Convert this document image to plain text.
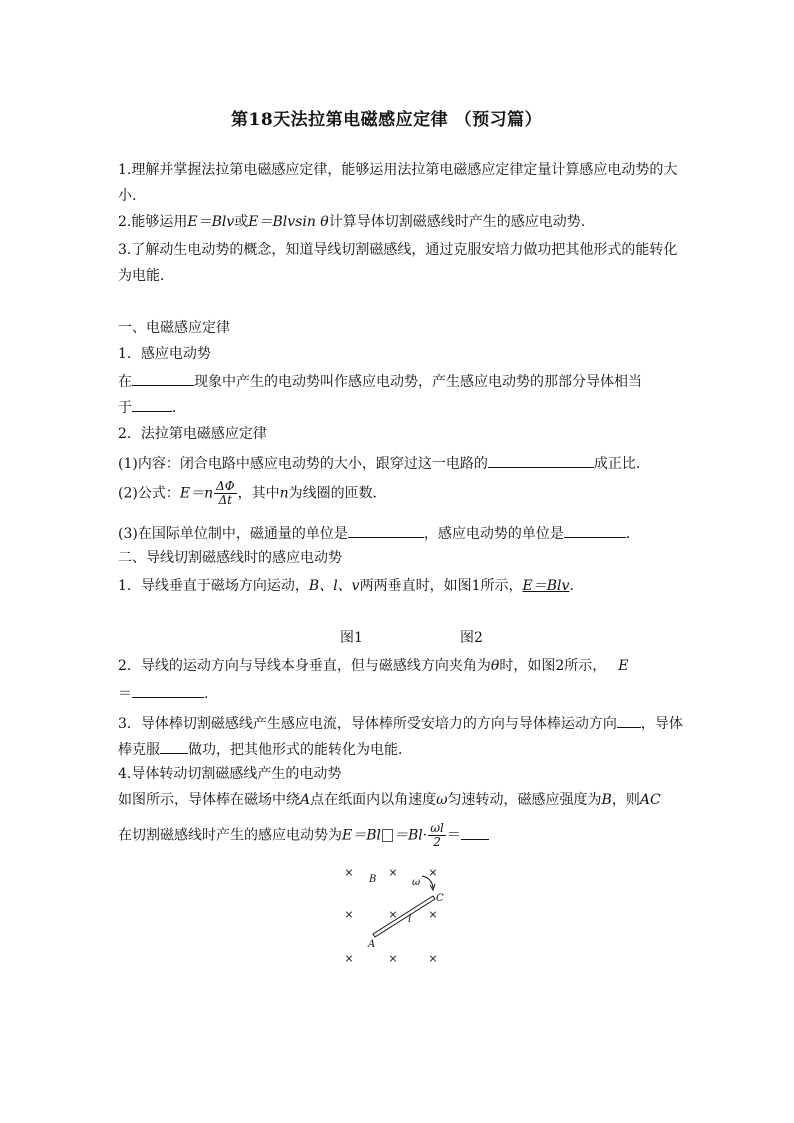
第18天法拉第电磁感应定律 （预习篇）
1.理解并掌握法拉第电磁感应定律，能够运用法拉第电磁感应定律定量计算感应电动势的大
小.
2.能够运用E＝Blv或E＝Blvsin θ计算导体切割磁感线时产生的感应电动势.
3.了解动生电动势的概念，知道导线切割磁感线，通过克服安培力做功把其他形式的能转化
为电能．
一、电磁感应定律
1．感应电动势
在	现象中产生的电动势叫作感应电动势，产生感应电动势的那部分导体相当
于	．
2．法拉第电磁感应定律
(1)内容：闭合电路中感应电动势的大小，跟穿过这一电路的	成正比．
(2)公式：$E=n \frac{\Delta\Phi}{\Delta t}$ ，其中n为线圈的匝数．
(3)在国际单位制中，磁通量的单位是	，感应电动势的单位是	．
二、导线切割磁感线时的感应电动势
1．导线垂直于磁场方向运动，B、l、v两两垂直时，如图1所示，E＝Blv.
图1	图2
2．导线的运动方向与导线本身垂直，但与磁感线方向夹角为θ时，如图2所示， E
＝	.
3．导体棒切割磁感线产生感应电流，导体棒所受安培力的方向与导体棒运动方向 ，导体
棒克服 做功，把其他形式的能转化为电能．
4.导体转动切割磁感线产生的电动势
如图所示，导体棒在磁场中绕A点在纸面内以角速度ω匀速转动，磁感应强度为B，则AC
在切割磁感线时产生的感应电动势为$E=Bl =Bl\cdot \frac{\omega l}{2}$ ＝
×	×	×
×	×	×
×	×	×
B	ω
C
l
A
